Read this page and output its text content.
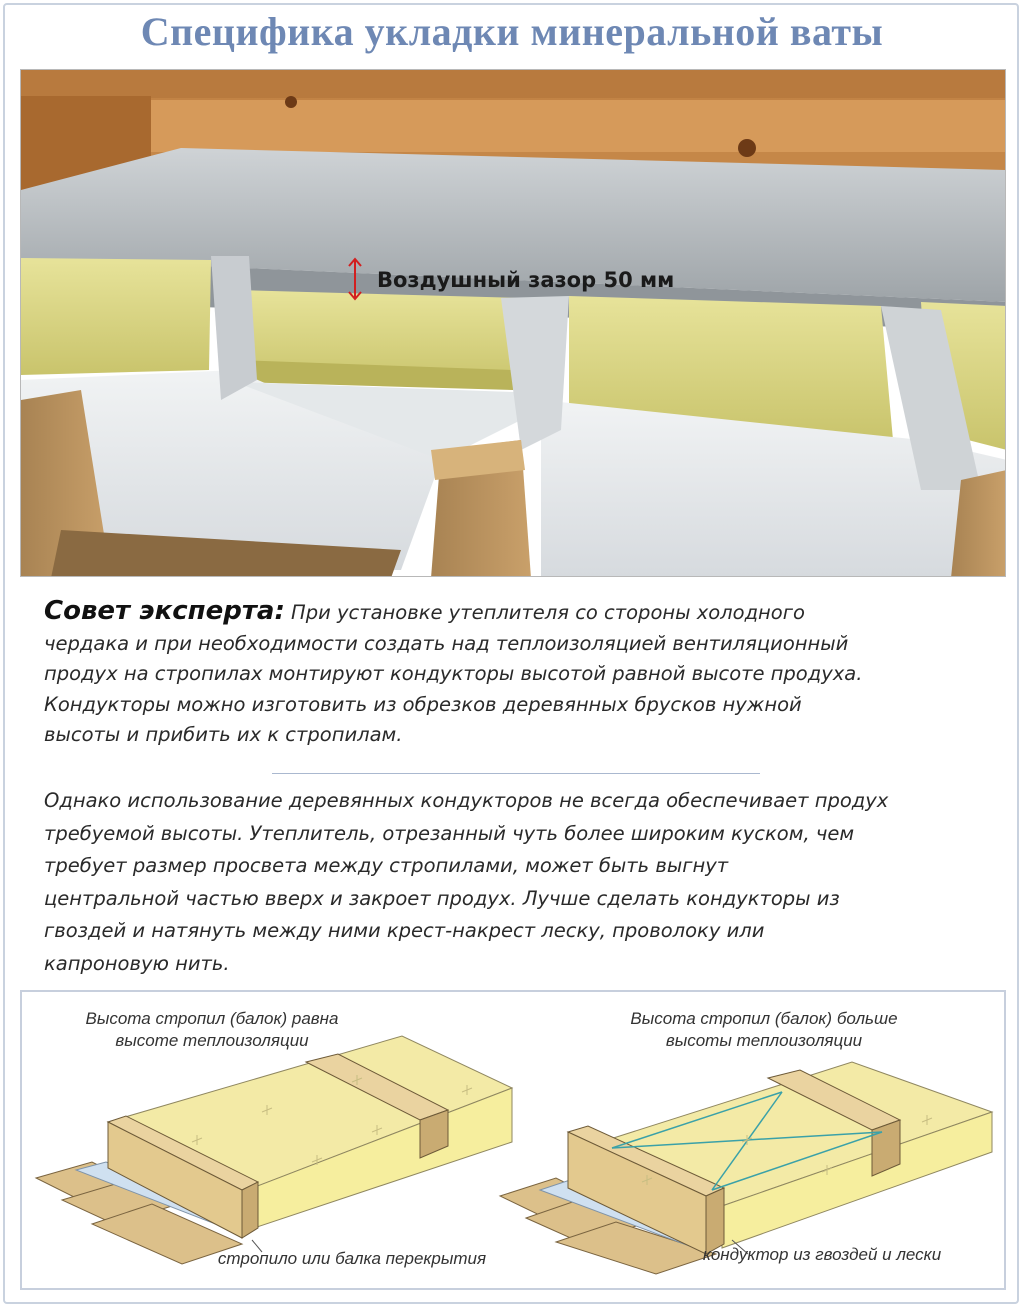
Специфика укладки минеральной ваты
Воздушный зазор 50 мм
Совет эксперта: При установке утеплителя со стороны холодного
чердака и при необходимости создать над теплоизоляцией вентиляционный
продух на стропилах монтируют кондукторы высотой равной высоте продуха.
Кондукторы можно изготовить из обрезков деревянных брусков нужной
высоты и прибить их к стропилам.
Однако использование деревянных кондукторов не всегда обеспечивает продух
требуемой высоты. Утеплитель, отрезанный чуть более широким куском, чем
требует размер просвета между стропилами, может быть выгнут
центральной частью вверх и закроет продух. Лучше сделать кондукторы из
гвоздей и натянуть между ними крест-накрест леску, проволоку или
капроновую нить.
Высота стропил (балок) равна
высоте теплоизоляции
Высота стропил (балок) больше
высоты теплоизоляции
стропило или балка перекрытия	кондуктор из гвоздей и лески
